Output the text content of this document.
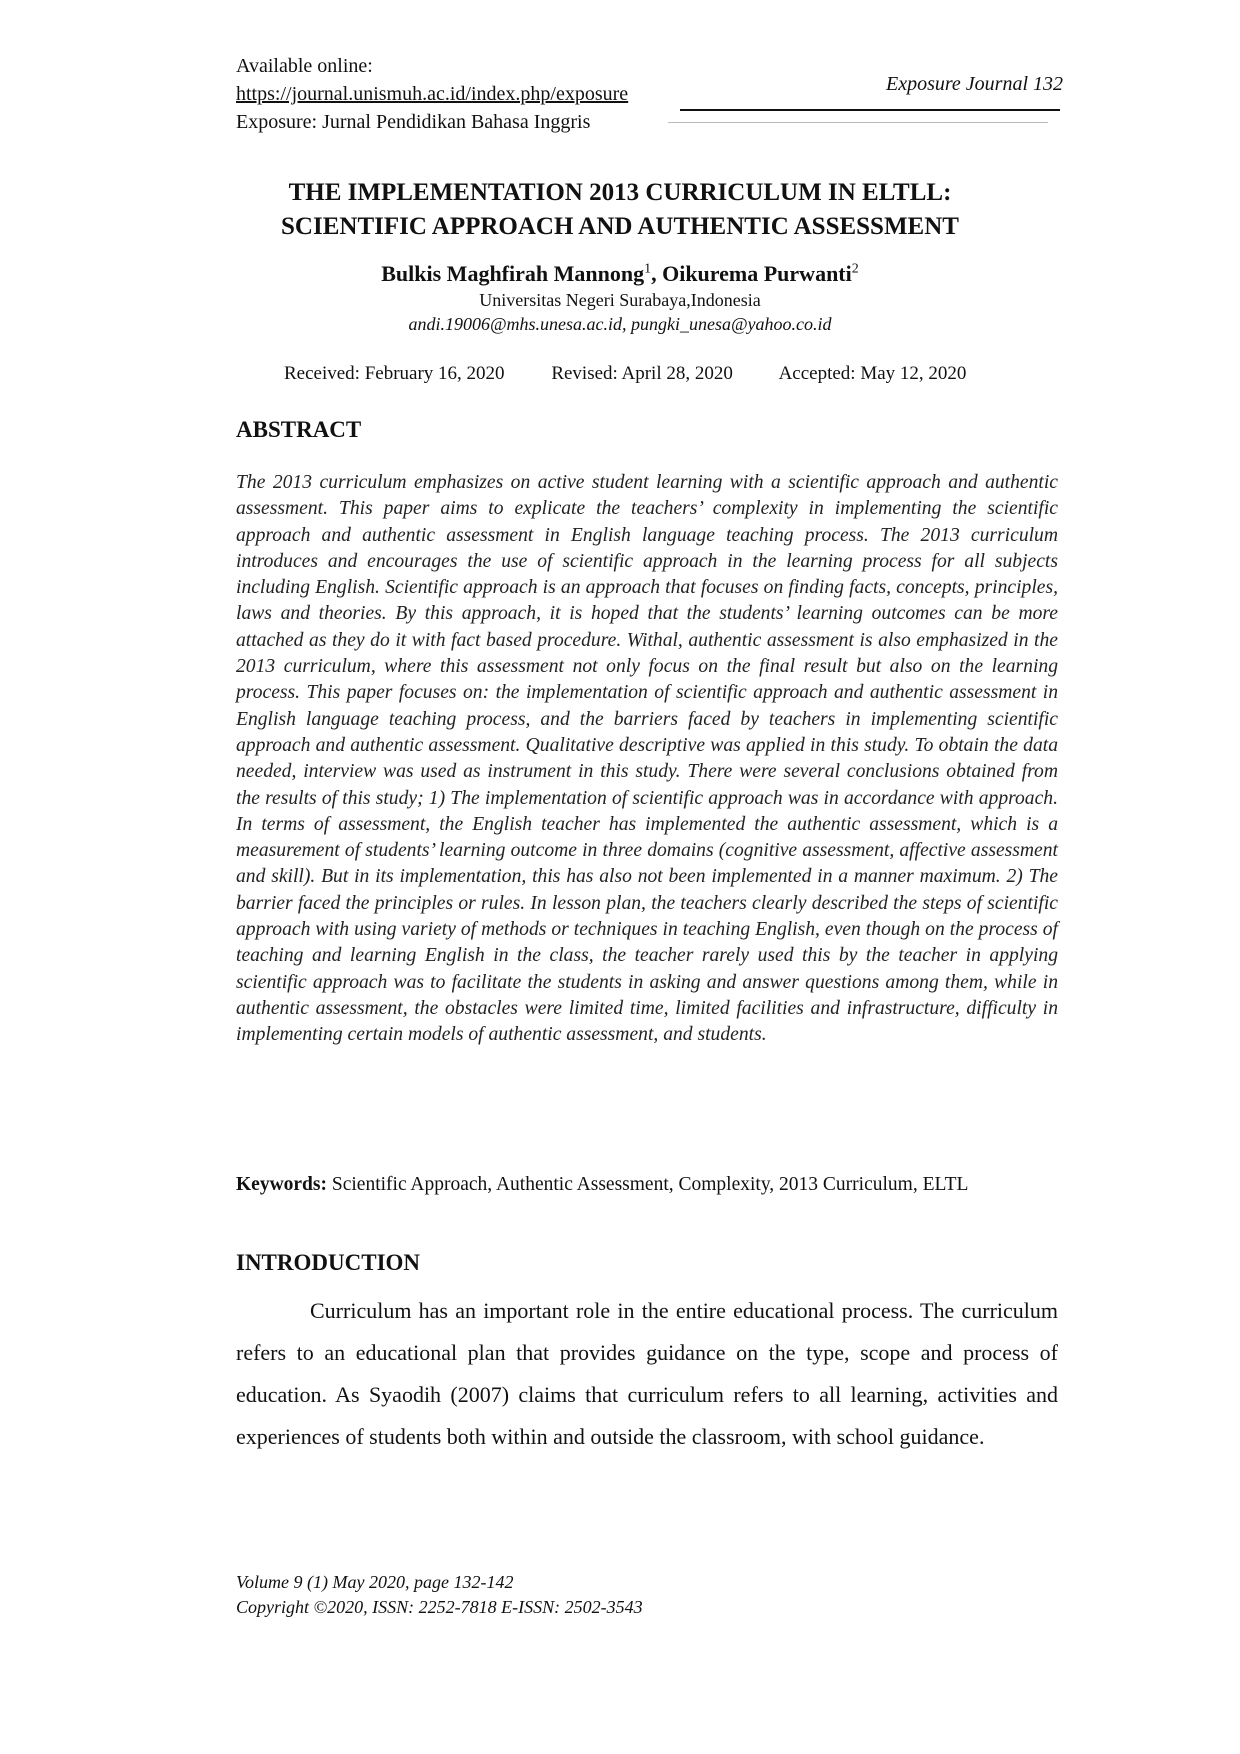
Available online:
https://journal.unismuh.ac.id/index.php/exposure
Exposure: Jurnal Pendidikan Bahasa Inggris
Exposure Journal 132
THE IMPLEMENTATION 2013 CURRICULUM IN ELTLL:
SCIENTIFIC APPROACH AND AUTHENTIC ASSESSMENT
Bulkis Maghfirah Mannong$^1$, Oikurema Purwanti$^2$
Universitas Negeri Surabaya,Indonesia
andi.19006@mhs.unesa.ac.id, pungki_unesa@yahoo.co.id
Received: February 16, 2020 Revised: April 28, 2020 Accepted: May 12, 2020
ABSTRACT

The 2013 curriculum emphasizes on active student learning with a scientific approach and authentic assessment. This paper aims to explicate the teachers’ complexity in implementing the scientific approach and authentic assessment in English language teaching process. The 2013 curriculum introduces and encourages the use of scientific approach in the learning process for all subjects including English. Scientific approach is an approach that focuses on finding facts, concepts, principles, laws and theories. By this approach, it is hoped that the students’ learning outcomes can be more attached as they do it with fact based procedure. Withal, authentic assessment is also emphasized in the 2013 curriculum, where this assessment not only focus on the final result but also on the learning process. This paper focuses on: the implementation of scientific approach and authentic assessment in English language teaching process, and the barriers faced by teachers in implementing scientific approach and authentic assessment. Qualitative descriptive was applied in this study. To obtain the data needed, interview was used as instrument in this study. There were several conclusions obtained from the results of this study; 1) The implementation of scientific approach was in accordance with approach. In terms of assessment, the English teacher has implemented the authentic assessment, which is a measurement of students’ learning outcome in three domains (cognitive assessment, affective assessment and skill). But in its implementation, this has also not been implemented in a manner maximum. 2) The barrier faced the principles or rules. In lesson plan, the teachers clearly described the steps of scientific approach with using variety of methods or techniques in teaching English, even though on the process of teaching and learning English in the class, the teacher rarely used this by the teacher in applying scientific approach was to facilitate the students in asking and answer questions among them, while in authentic assessment, the obstacles were limited time, limited facilities and infrastructure, difficulty in implementing certain models of authentic assessment, and students.

Keywords: Scientific Approach, Authentic Assessment, Complexity, 2013 Curriculum, ELTL
INTRODUCTION

Curriculum has an important role in the entire educational process. The curriculum refers to an educational plan that provides guidance on the type, scope and process of education. As Syaodih (2007) claims that curriculum refers to all learning, activities and experiences of students both within and outside the classroom, with school guidance.

Volume 9 (1) May 2020, page 132-142
Copyright ©2020, ISSN: 2252-7818 E-ISSN: 2502-3543
